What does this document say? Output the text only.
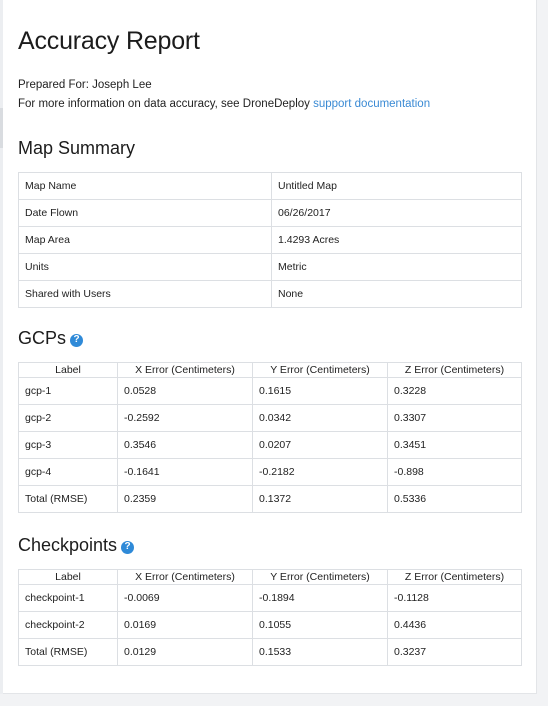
Accuracy Report
Prepared For: Joseph Lee
For more information on data accuracy, see DroneDeploy support documentation
Map Summary
Map Name	Untitled Map
Date Flown	06/26/2017
Map Area	1.4293 Acres
Units	Metric
Shared with Users	None
GCPs ?
Label	X Error (Centimeters)	Y Error (Centimeters)	Z Error (Centimeters)
gcp-1	0.0528	0.1615	0.3228
gcp-2	-0.2592	0.0342	0.3307
gcp-3	0.3546	0.0207	0.3451
gcp-4	-0.1641	-0.2182	-0.898
Total (RMSE)	0.2359	0.1372	0.5336
Checkpoints ?
Label	X Error (Centimeters)	Y Error (Centimeters)	Z Error (Centimeters)
checkpoint-1	-0.0069	-0.1894	-0.1128
checkpoint-2	0.0169	0.1055	0.4436
Total (RMSE)	0.0129	0.1533	0.3237
